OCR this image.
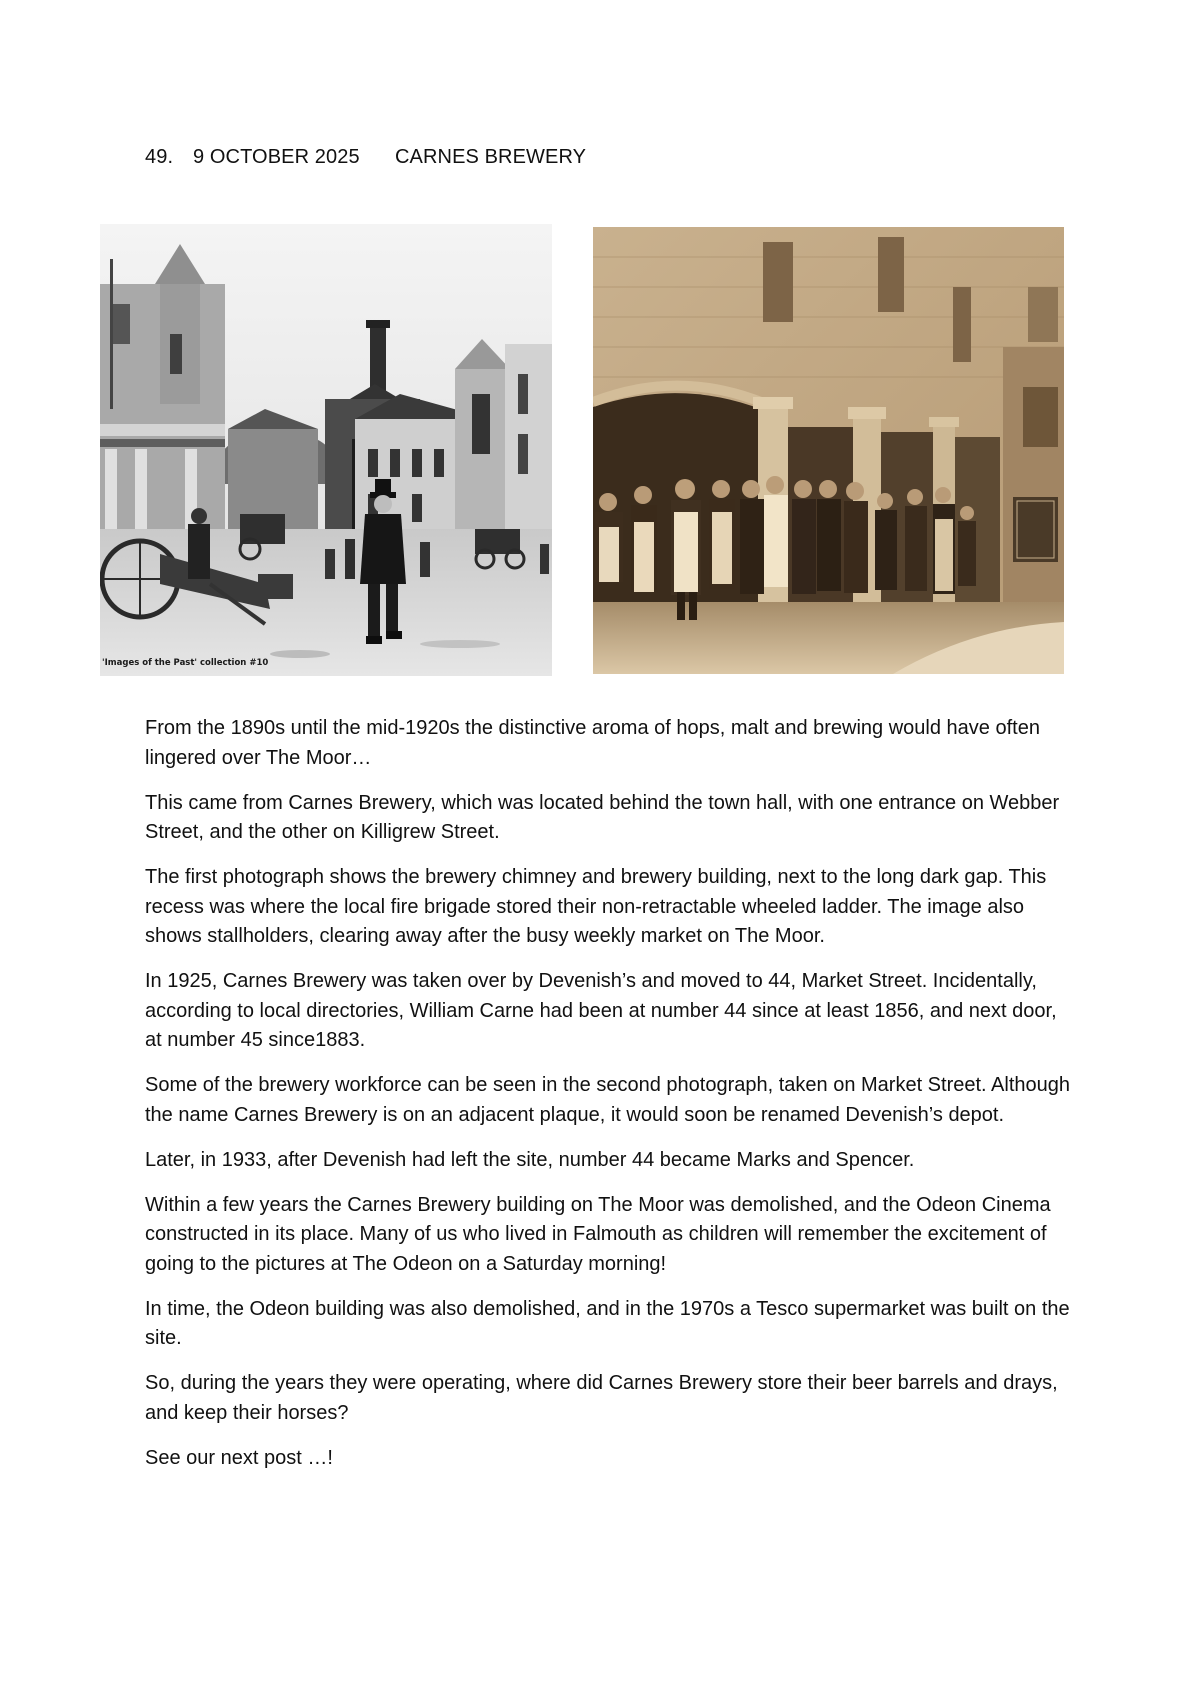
49. 9 OCTOBER 2025 CARNES BREWERY
'Images of the Past' collection #10

From the 1890s until the mid-1920s the distinctive aroma of hops, malt and brewing would have often lingered over The Moor…

This came from Carnes Brewery, which was located behind the town hall, with one entrance on Webber Street, and the other on Killigrew Street.

The first photograph shows the brewery chimney and brewery building, next to the long dark gap. This recess was where the local fire brigade stored their non-retractable wheeled ladder. The image also shows stallholders, clearing away after the busy weekly market on The Moor.

In 1925, Carnes Brewery was taken over by Devenish’s and moved to 44, Market Street. Incidentally, according to local directories, William Carne had been at number 44 since at least 1856, and next door, at number 45 since1883.

Some of the brewery workforce can be seen in the second photograph, taken on Market Street. Although the name Carnes Brewery is on an adjacent plaque, it would soon be renamed Devenish’s depot.

Later, in 1933, after Devenish had left the site, number 44 became Marks and Spencer.

Within a few years the Carnes Brewery building on The Moor was demolished, and the Odeon Cinema constructed in its place. Many of us who lived in Falmouth as children will remember the excitement of going to the pictures at The Odeon on a Saturday morning!

In time, the Odeon building was also demolished, and in the 1970s a Tesco supermarket was built on the site.

So, during the years they were operating, where did Carnes Brewery store their beer barrels and drays, and keep their horses?

See our next post …!
